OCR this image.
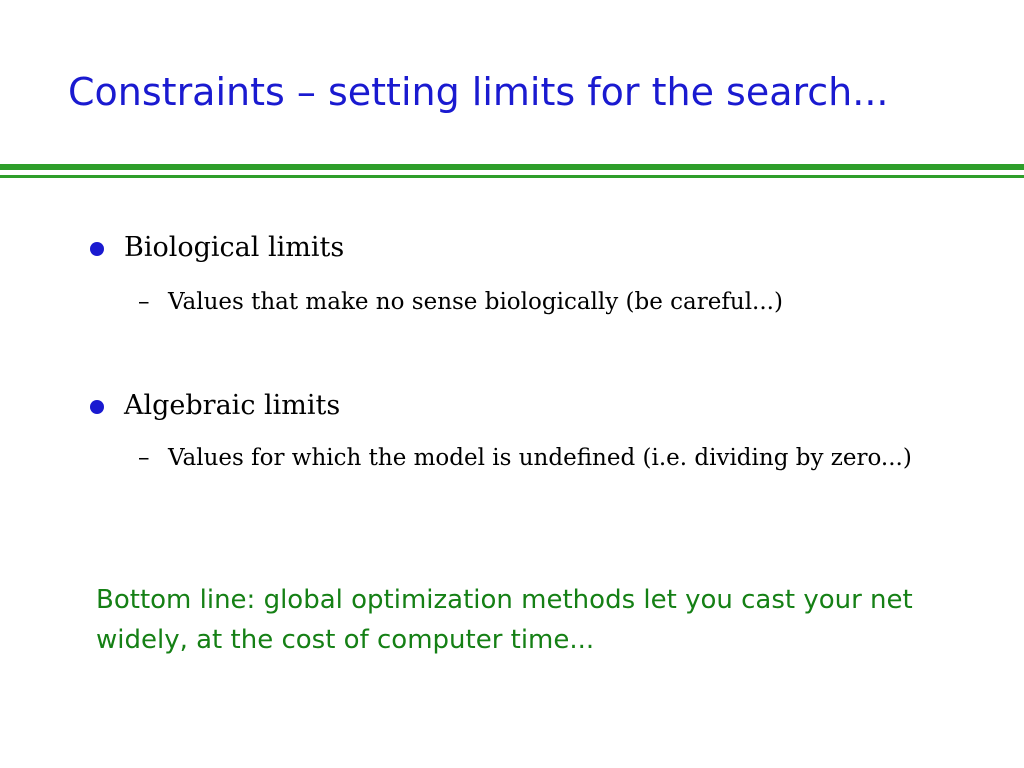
Constraints – setting limits for the search...
Biological limits
– Values that make no sense biologically (be careful...)
Algebraic limits
– Values for which the model is undefined (i.e. dividing by zero...)

Bottom line: global optimization methods let you cast your net widely, at the cost of computer time...
